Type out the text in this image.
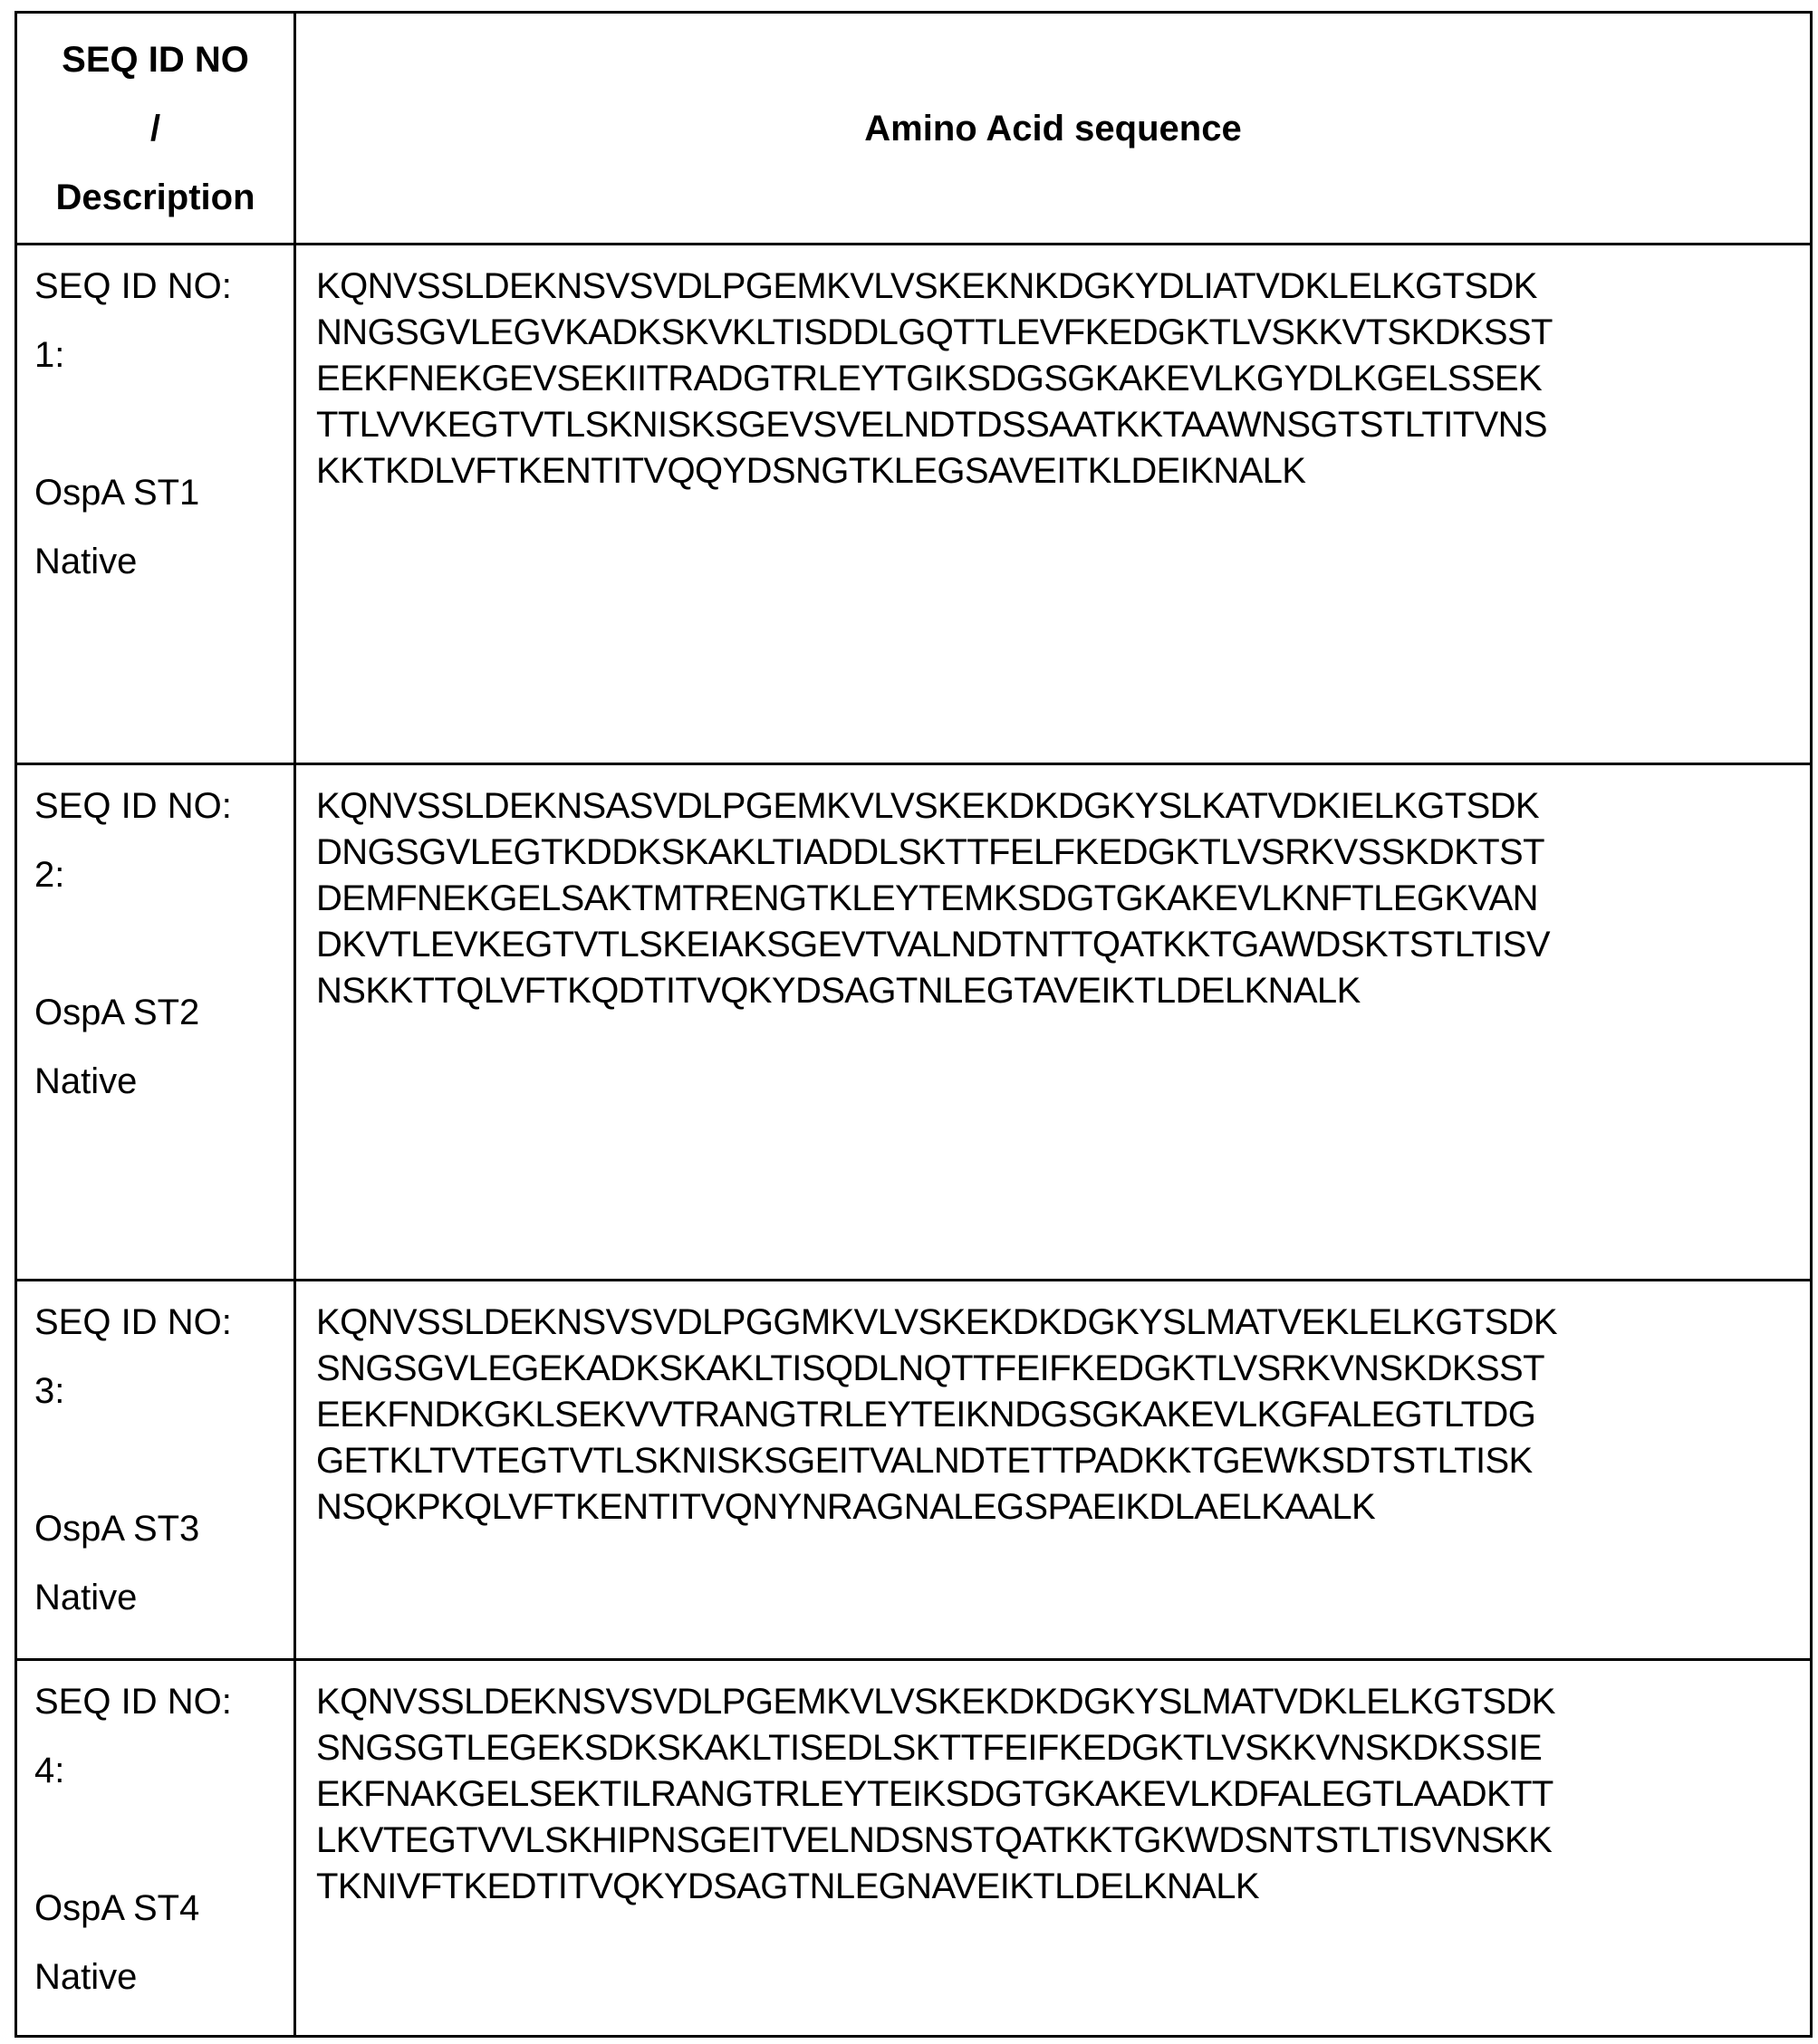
SEQ ID NO
/
Description
	Amino Acid sequence

SEQ ID NO:
1:
OspA ST1
Native

KQNVSSLDEKNSVSVDLPGEMKVLVSKEKNKDGKYDLIATVDKLELKGTSDK
NNGSGVLEGVKADKSKVKLTISDDLGQTTLEVFKEDGKTLVSKKVTSKDKSST
EEKFNEKGEVSEKIITRADGTRLEYTGIKSDGSGKAKEVLKGYDLKGELSSEK
TTLVVKEGTVTLSKNISKSGEVSVELNDTDSSAATKKTAAWNSGTSTLTITVNS
KKTKDLVFTKENTITVQQYDSNGTKLEGSAVEITKLDEIKNALK

SEQ ID NO:
2:
OspA ST2
Native

KQNVSSLDEKNSASVDLPGEMKVLVSKEKDKDGKYSLKATVDKIELKGTSDK
DNGSGVLEGTKDDKSKAKLTIADDLSKTTFELFKEDGKTLVSRKVSSKDKTST
DEMFNEKGELSAKTMTRENGTKLEYTEMKSDGTGKAKEVLKNFTLEGKVAN
DKVTLEVKEGTVTLSKEIAKSGEVTVALNDTNTTQATKKTGAWDSKTSTLTISV
NSKKTTQLVFTKQDTITVQKYDSAGTNLEGTAVEIKTLDELKNALK

SEQ ID NO:
3:
OspA ST3
Native

KQNVSSLDEKNSVSVDLPGGMKVLVSKEKDKDGKYSLMATVEKLELKGTSDK
SNGSGVLEGEKADKSKAKLTISQDLNQTTFEIFKEDGKTLVSRKVNSKDKSST
EEKFNDKGKLSEKVVTRANGTRLEYTEIKNDGSGKAKEVLKGFALEGTLTDG
GETKLTVTEGTVTLSKNISKSGEITVALNDTETTPADKKTGEWKSDTSTLTISK
NSQKPKQLVFTKENTITVQNYNRAGNALEGSPAEIKDLAELKAALK

SEQ ID NO:
4:
OspA ST4
Native

KQNVSSLDEKNSVSVDLPGEMKVLVSKEKDKDGKYSLMATVDKLELKGTSDK
SNGSGTLEGEKSDKSKAKLTISEDLSKTTFEIFKEDGKTLVSKKVNSKDKSSIE
EKFNAKGELSEKTILRANGTRLEYTEIKSDGTGKAKEVLKDFALEGTLAADKTT
LKVTEGTVVLSKHIPNSGEITVELNDSNSTQATKKTGKWDSNTSTLTISVNSKK
TKNIVFTKEDTITVQKYDSAGTNLEGNAVEIKTLDELKNALK
